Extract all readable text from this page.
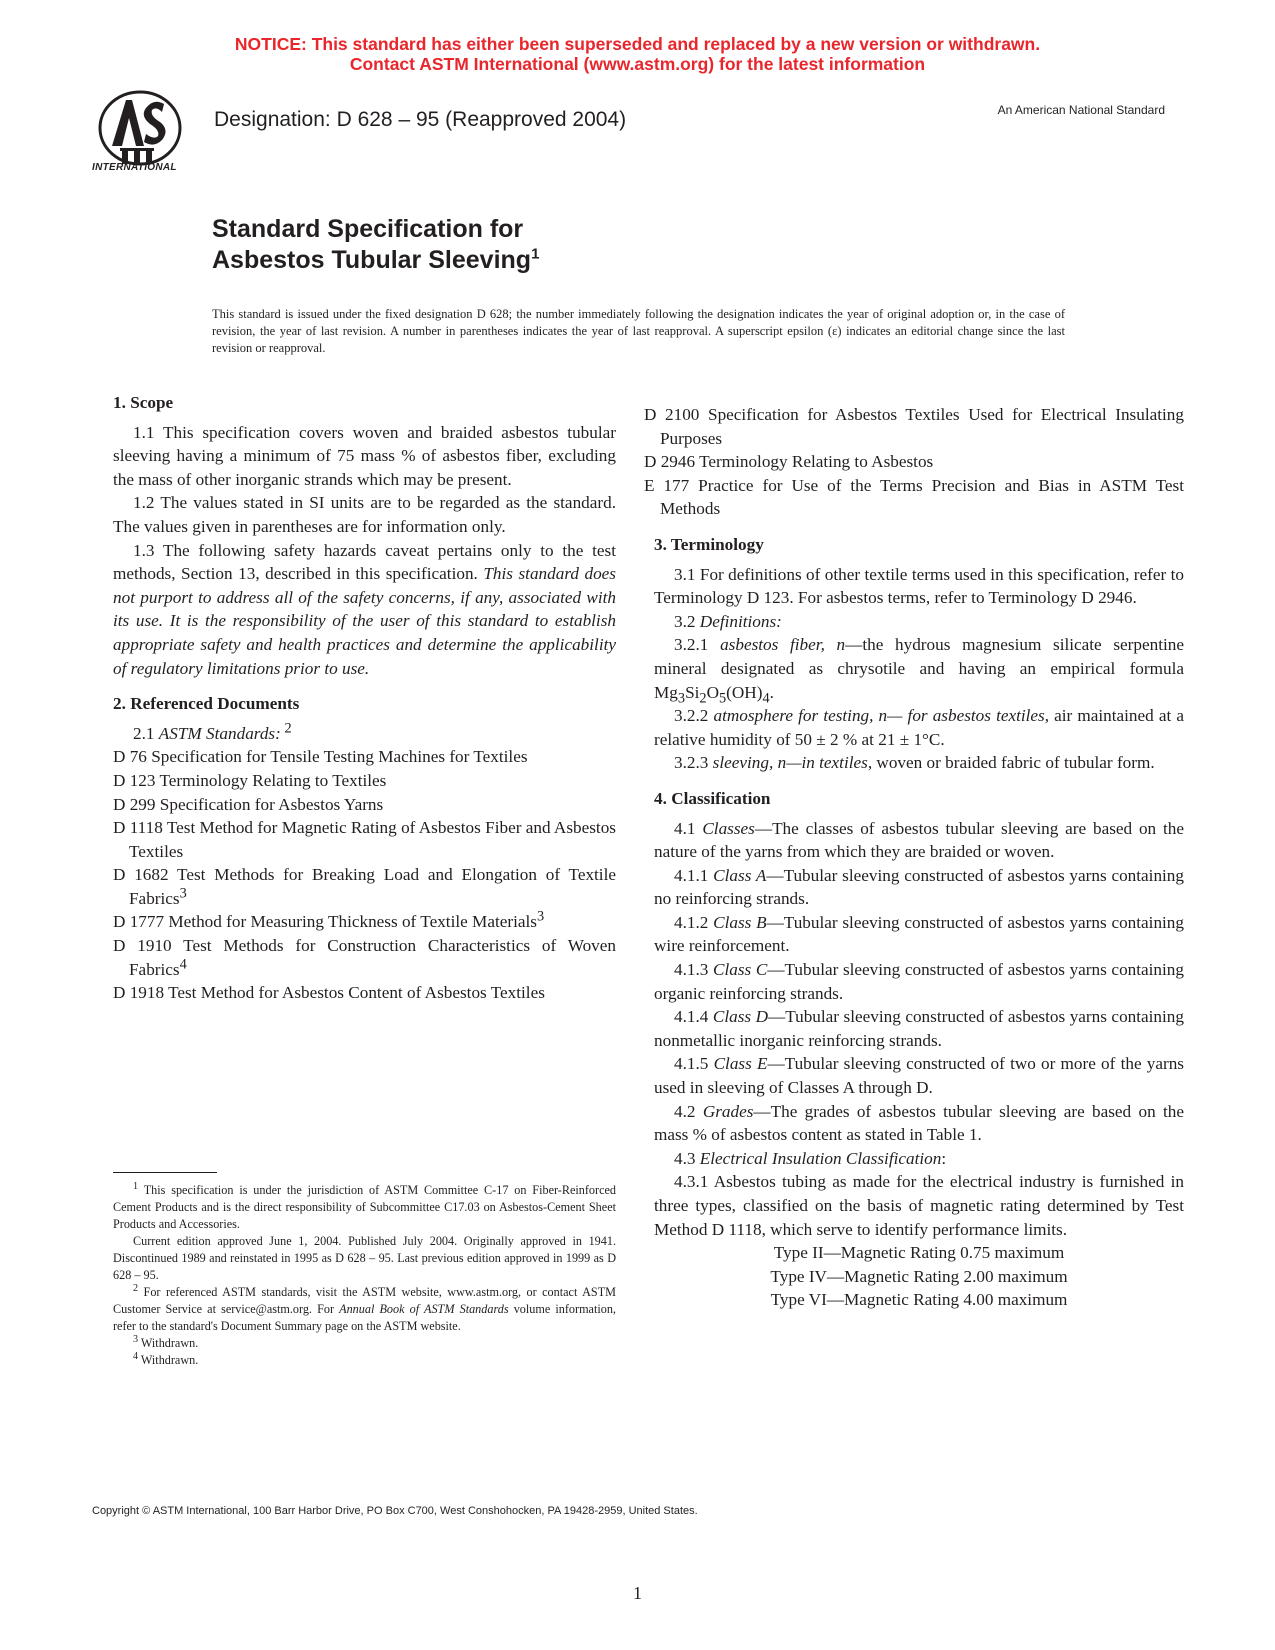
NOTICE: This standard has either been superseded and replaced by a new version or withdrawn.
Contact ASTM International (www.astm.org) for the latest information
INTERNATIONAL
Designation: D 628 – 95 (Reapproved 2004)	An American National Standard
Standard Specification for
Asbestos Tubular Sleeving$^1$
This standard is issued under the fixed designation D 628; the number immediately following the designation indicates the year of original adoption or, in the case of revision, the year of last revision. A number in parentheses indicates the year of last reapproval. A superscript epsilon (ε) indicates an editorial change since the last revision or reapproval.

1. Scope

1.1 This specification covers woven and braided asbestos tubular sleeving having a minimum of 75 mass % of asbestos fiber, excluding the mass of other inorganic strands which may be present.

1.2 The values stated in SI units are to be regarded as the standard. The values given in parentheses are for information only.

1.3 The following safety hazards caveat pertains only to the test methods, Section 13, described in this specification. This standard does not purport to address all of the safety concerns, if any, associated with its use. It is the responsibility of the user of this standard to establish appropriate safety and health practices and determine the applicability of regulatory limitations prior to use.

2. Referenced Documents

2.1 ASTM Standards: $^2$

D 76 Specification for Tensile Testing Machines for Textiles

D 123 Terminology Relating to Textiles

D 299 Specification for Asbestos Yarns

D 1118 Test Method for Magnetic Rating of Asbestos Fiber and Asbestos Textiles

D 1682 Test Methods for Breaking Load and Elongation of Textile Fabrics$^3$

D 1777 Method for Measuring Thickness of Textile Materials$^3$

D 1910 Test Methods for Construction Characteristics of Woven Fabrics$^4$

D 1918 Test Method for Asbestos Content of Asbestos Textiles

D 2100 Specification for Asbestos Textiles Used for Electrical Insulating Purposes

D 2946 Terminology Relating to Asbestos

E 177 Practice for Use of the Terms Precision and Bias in ASTM Test Methods

3. Terminology

3.1 For definitions of other textile terms used in this specification, refer to Terminology D 123. For asbestos terms, refer to Terminology D 2946.

3.2 Definitions:

3.2.1 asbestos fiber, n—the hydrous magnesium silicate serpentine mineral designated as chrysotile and having an empirical formula $Mg_3Si_2O_5(OH)_4$.

3.2.2 atmosphere for testing, n— for asbestos textiles, air maintained at a relative humidity of 50 ± 2 % at 21 ± 1°C.

3.2.3 sleeving, n—in textiles, woven or braided fabric of tubular form.

4. Classification

4.1 Classes—The classes of asbestos tubular sleeving are based on the nature of the yarns from which they are braided or woven.

4.1.1 Class A—Tubular sleeving constructed of asbestos yarns containing no reinforcing strands.

4.1.2 Class B—Tubular sleeving constructed of asbestos yarns containing wire reinforcement.

4.1.3 Class C—Tubular sleeving constructed of asbestos yarns containing organic reinforcing strands.

4.1.4 Class D—Tubular sleeving constructed of asbestos yarns containing nonmetallic inorganic reinforcing strands.

4.1.5 Class E—Tubular sleeving constructed of two or more of the yarns used in sleeving of Classes A through D.

4.2 Grades—The grades of asbestos tubular sleeving are based on the mass % of asbestos content as stated in Table 1.

4.3 Electrical Insulation Classification:

4.3.1 Asbestos tubing as made for the electrical industry is furnished in three types, classified on the basis of magnetic rating determined by Test Method D 1118, which serve to identify performance limits.

Type II—Magnetic Rating 0.75 maximum

Type IV—Magnetic Rating 2.00 maximum

Type VI—Magnetic Rating 4.00 maximum

$^1$ This specification is under the jurisdiction of ASTM Committee C-17 on Fiber-Reinforced Cement Products and is the direct responsibility of Subcommittee C17.03 on Asbestos-Cement Sheet Products and Accessories.

Current edition approved June 1, 2004. Published July 2004. Originally approved in 1941. Discontinued 1989 and reinstated in 1995 as D 628 – 95. Last previous edition approved in 1999 as D 628 – 95.

$^2$ For referenced ASTM standards, visit the ASTM website, www.astm.org, or contact ASTM Customer Service at service@astm.org. For Annual Book of ASTM Standards volume information, refer to the standard's Document Summary page on the ASTM website.

$^3$ Withdrawn.

$^4$ Withdrawn.

Copyright © ASTM International, 100 Barr Harbor Drive, PO Box C700, West Conshohocken, PA 19428-2959, United States.
1
